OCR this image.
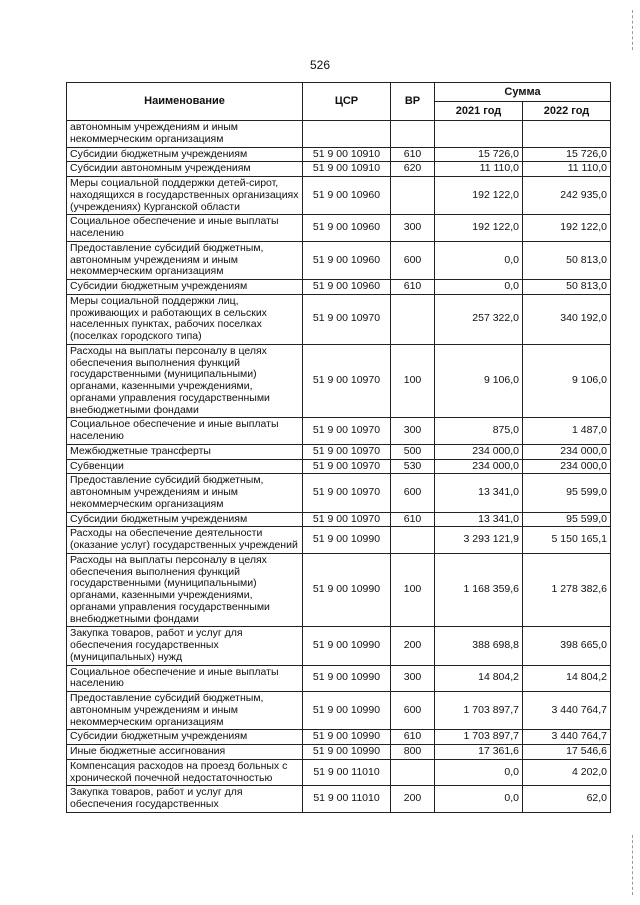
526
Наименование	ЦСР	ВР	Сумма	
			2021 год	2022 год
автономным учреждениям и иным некоммерческим организациям				
Субсидии бюджетным учреждениям	51 9 00 10910	610	15 726,0	15 726,0
Субсидии автономным учреждениям	51 9 00 10910	620	11 110,0	11 110,0
Меры социальной поддержки детей-сирот, находящихся в государственных организациях (учреждениях) Курганской области	51 9 00 10960		192 122,0	242 935,0
Социальное обеспечение и иные выплаты населению	51 9 00 10960	300	192 122,0	192 122,0
Предоставление субсидий бюджетным, автономным учреждениям и иным некоммерческим организациям	51 9 00 10960	600	0,0	50 813,0
Субсидии бюджетным учреждениям	51 9 00 10960	610	0,0	50 813,0
Меры социальной поддержки лиц, проживающих и работающих в сельских населенных пунктах, рабочих поселках (поселках городского типа)	51 9 00 10970		257 322,0	340 192,0
Расходы на выплаты персоналу в целях обеспечения выполнения функций государственными (муниципальными) органами, казенными учреждениями, органами управления государственными внебюджетными фондами	51 9 00 10970	100	9 106,0	9 106,0
Социальное обеспечение и иные выплаты населению	51 9 00 10970	300	875,0	1 487,0
Межбюджетные трансферты	51 9 00 10970	500	234 000,0	234 000,0
Субвенции	51 9 00 10970	530	234 000,0	234 000,0
Предоставление субсидий бюджетным, автономным учреждениям и иным некоммерческим организациям	51 9 00 10970	600	13 341,0	95 599,0
Субсидии бюджетным учреждениям	51 9 00 10970	610	13 341,0	95 599,0
Расходы на обеспечение деятельности (оказание услуг) государственных учреждений	51 9 00 10990		3 293 121,9	5 150 165,1
Расходы на выплаты персоналу в целях обеспечения выполнения функций государственными (муниципальными) органами, казенными учреждениями, органами управления государственными внебюджетными фондами	51 9 00 10990	100	1 168 359,6	1 278 382,6
Закупка товаров, работ и услуг для обеспечения государственных (муниципальных) нужд	51 9 00 10990	200	388 698,8	398 665,0
Социальное обеспечение и иные выплаты населению	51 9 00 10990	300	14 804,2	14 804,2
Предоставление субсидий бюджетным, автономным учреждениям и иным некоммерческим организациям	51 9 00 10990	600	1 703 897,7	3 440 764,7
Субсидии бюджетным учреждениям	51 9 00 10990	610	1 703 897,7	3 440 764,7
Иные бюджетные ассигнования	51 9 00 10990	800	17 361,6	17 546,6
Компенсация расходов на проезд больных с хронической почечной недостаточностью	51 9 00 11010		0,0	4 202,0
Закупка товаров, работ и услуг для обеспечения государственных	51 9 00 11010	200	0,0	62,0
